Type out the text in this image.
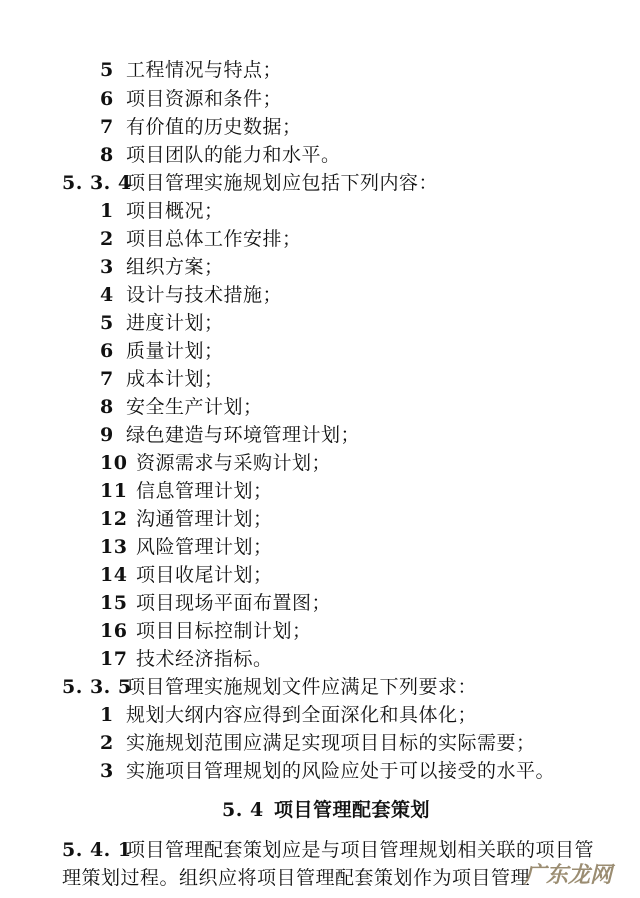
5 工程情况与特点；
6 项目资源和条件；
7 有价值的历史数据；
8 项目团队的能力和水平。
5. 3. 4项目管理实施规划应包括下列内容：
1 项目概况；
2 项目总体工作安排；
3 组织方案；
4 设计与技术措施；
5 进度计划；
6 质量计划；
7 成本计划；
8 安全生产计划；
9 绿色建造与环境管理计划；
10 资源需求与采购计划；
11 信息管理计划；
12 沟通管理计划；
13 风险管理计划；
14 项目收尾计划；
15 项目现场平面布置图；
16 项目目标控制计划；
17 技术经济指标。
5. 3. 5项目管理实施规划文件应满足下列要求：
1 规划大纲内容应得到全面深化和具体化；
2 实施规划范围应满足实现项目目标的实际需要；
3 实施项目管理规划的风险应处于可以接受的水平。
5. 4 项目管理配套策划
5. 4. 1项目管理配套策划应是与项目管理规划相关联的项目管
理策划过程。组织应将项目管理配套策划作为项目管理
广东龙网
